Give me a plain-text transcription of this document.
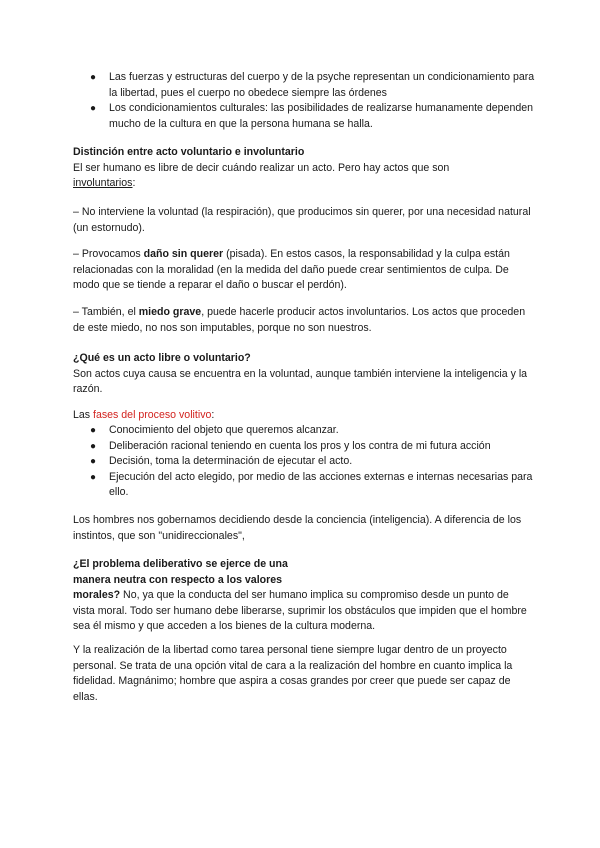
● Las fuerzas y estructuras del cuerpo y de la psyche representan un condicionamiento para la libertad, pues el cuerpo no obedece siempre las órdenes
● Los condicionamientos culturales: las posibilidades de realizarse humanamente dependen mucho de la cultura en que la persona humana se halla.

Distinción entre acto voluntario e involuntario

El ser humano es libre de decir cuándo realizar un acto. Pero hay actos que son
involuntarios:

– No interviene la voluntad (la respiración), que producimos sin querer, por una necesidad natural (un estornudo).
– Provocamos daño sin querer (pisada). En estos casos, la responsabilidad y la culpa están relacionadas con la moralidad (en la medida del daño puede crear sentimientos de culpa. De modo que se tiende a reparar el daño o buscar el perdón).
– También, el miedo grave, puede hacerle producir actos involuntarios. Los actos que proceden de este miedo, no nos son imputables, porque no son nuestros.

¿Qué es un acto libre o voluntario?

Son actos cuya causa se encuentra en la voluntad, aunque también interviene la inteligencia y la razón.

Las fases del proceso volitivo:
● Conocimiento del objeto que queremos alcanzar.
● Deliberación racional teniendo en cuenta los pros y los contra de mi futura acción
● Decisión, toma la determinación de ejecutar el acto.
● Ejecución del acto elegido, por medio de las acciones externas e internas necesarias para ello.
Los hombres nos gobernamos decidiendo desde la conciencia (inteligencia). A diferencia de los instintos, que son "unidireccionales",

¿El problema deliberativo se ejerce de una

manera neutra con respecto a los valores

morales? No, ya que la conducta del ser humano implica su compromiso desde un punto de vista moral. Todo ser humano debe liberarse, suprimir los obstáculos que impiden que el hombre sea él mismo y que acceden a los bienes de la cultura moderna.

Y la realización de la libertad como tarea personal tiene siempre lugar dentro de un proyecto personal. Se trata de una opción vital de cara a la realización del hombre en cuanto implica la fidelidad. Magnánimo; hombre que aspira a cosas grandes por creer que puede ser capaz de ellas.
